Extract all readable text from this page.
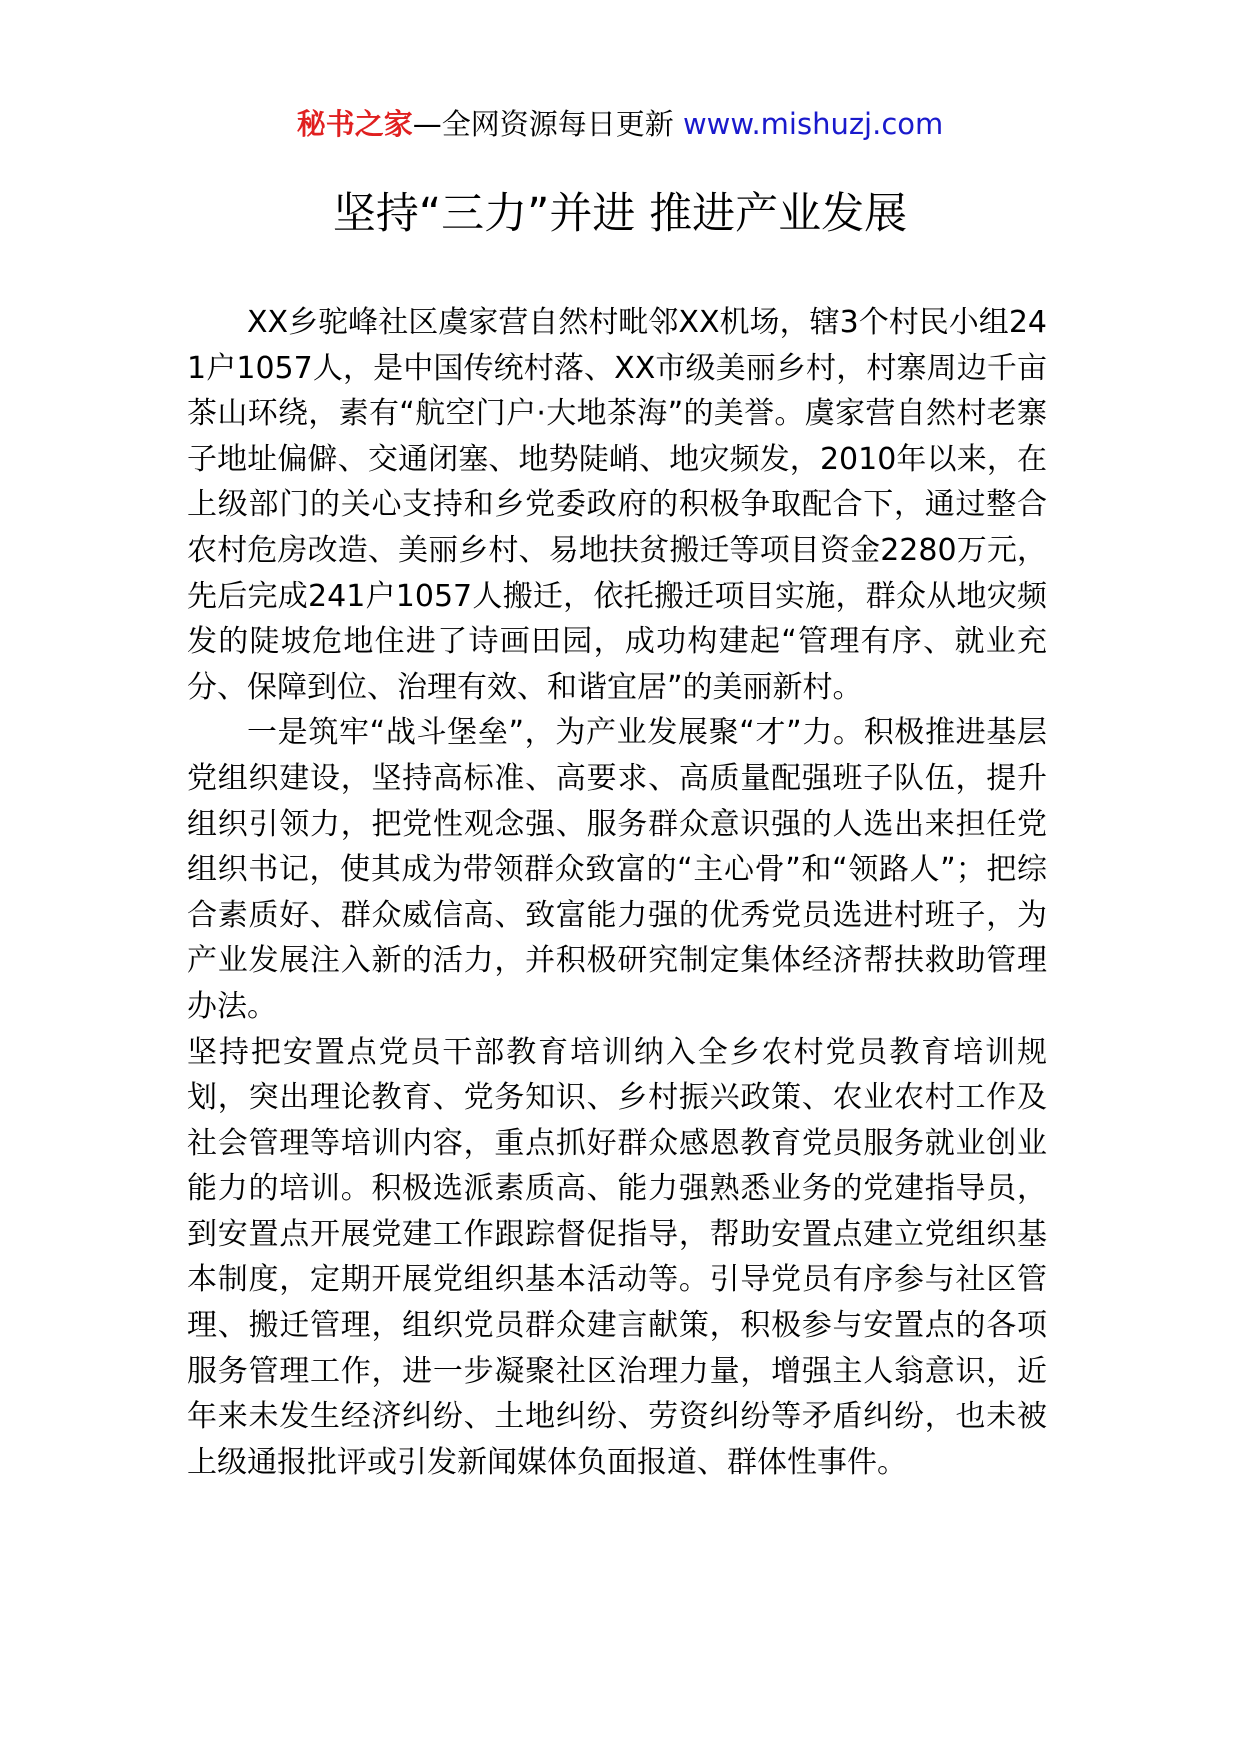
秘书之家—全网资源每日更新 www.mishuzj.com
坚持“三力”并进 推进产业发展

XX乡驼峰社区虞家营自然村毗邻XX机场，辖3个村民小组241户1057人，是中国传统村落、XX市级美丽乡村，村寨周边千亩茶山环绕，素有“航空门户·大地茶海”的美誉。虞家营自然村老寨子地址偏僻、交通闭塞、地势陡峭、地灾频发，2010年以来，在上级部门的关心支持和乡党委政府的积极争取配合下，通过整合农村危房改造、美丽乡村、易地扶贫搬迁等项目资金2280万元，先后完成241户1057人搬迁，依托搬迁项目实施，群众从地灾频发的陡坡危地住进了诗画田园，成功构建起“管理有序、就业充分、保障到位、治理有效、和谐宜居”的美丽新村。

一是筑牢“战斗堡垒”，为产业发展聚“才”力。积极推进基层党组织建设，坚持高标准、高要求、高质量配强班子队伍，提升组织引领力，把党性观念强、服务群众意识强的人选出来担任党组织书记，使其成为带领群众致富的“主心骨”和“领路人”；把综合素质好、群众威信高、致富能力强的优秀党员选进村班子，为产业发展注入新的活力，并积极研究制定集体经济帮扶救助管理办法。

坚持把安置点党员干部教育培训纳入全乡农村党员教育培训规划，突出理论教育、党务知识、乡村振兴政策、农业农村工作及社会管理等培训内容，重点抓好群众感恩教育党员服务就业创业能力的培训。积极选派素质高、能力强熟悉业务的党建指导员，到安置点开展党建工作跟踪督促指导，帮助安置点建立党组织基本制度，定期开展党组织基本活动等。引导党员有序参与社区管理、搬迁管理，组织党员群众建言献策，积极参与安置点的各项服务管理工作，进一步凝聚社区治理力量，增强主人翁意识，近年来未发生经济纠纷、土地纠纷、劳资纠纷等矛盾纠纷，也未被上级通报批评或引发新闻媒体负面报道、群体性事件。
